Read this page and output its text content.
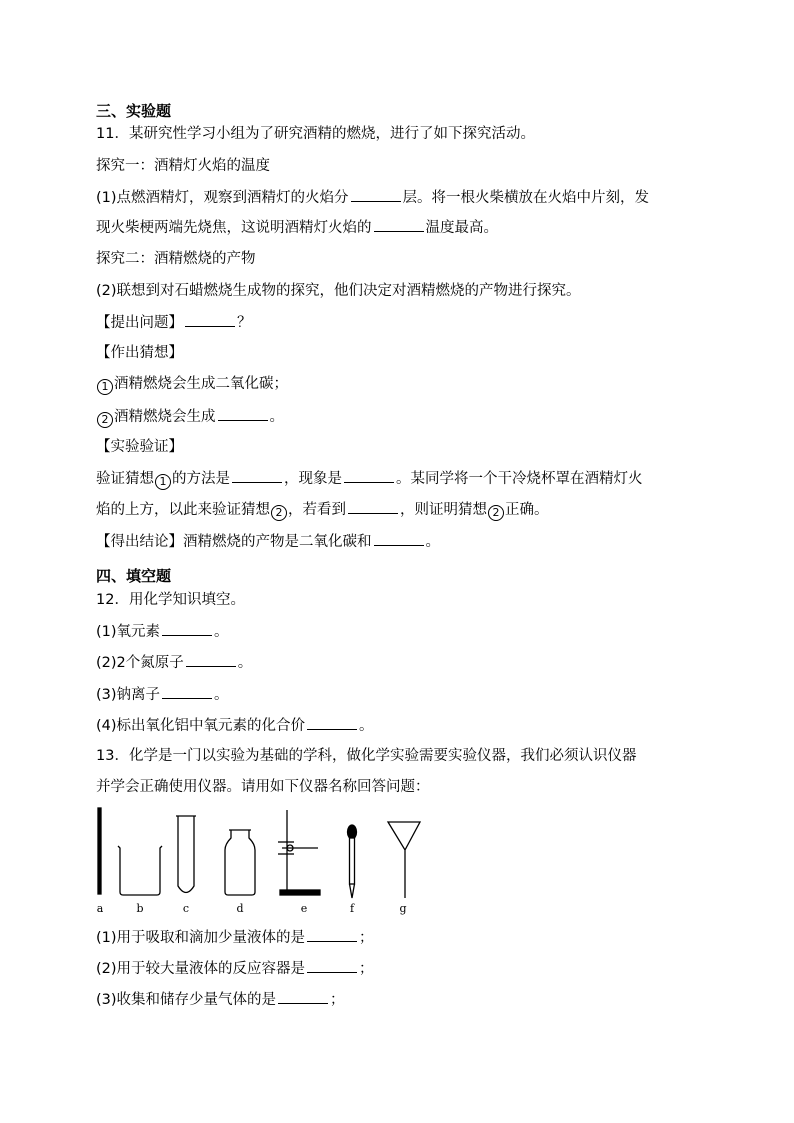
三、实验题
11．某研究性学习小组为了研究酒精的燃烧，进行了如下探究活动。
探究一：酒精灯火焰的温度
(1)点燃酒精灯，观察到酒精灯的火焰分	层。将一根火柴横放在火焰中片刻，发
现火柴梗两端先烧焦，这说明酒精灯火焰的	温度最高。
探究二：酒精燃烧的产物
(2)联想到对石蜡燃烧生成物的探究，他们决定对酒精燃烧的产物进行探究。
【提出问题】	？
【作出猜想】
1 酒精燃烧会生成二氧化碳；
2 酒精燃烧会生成	。
【实验验证】
验证猜想 1 的方法是	，现象是	。某同学将一个干冷烧杯罩在酒精灯火
焰的上方，以此来验证猜想 2 ，若看到	，则证明猜想 2 正确。
【得出结论】酒精燃烧的产物是二氧化碳和	。
四、填空题
12．用化学知识填空。
(1)氧元素	。
(2)2个氮原子	。
(3)钠离子	。
(4)标出氧化铝中氧元素的化合价	。
13．化学是一门以实验为基础的学科，做化学实验需要实验仪器，我们必须认识仪器
并学会正确使用仪器。请用如下仪器名称回答问题：
a	b	c	d	e	f	g
(1)用于吸取和滴加少量液体的是	；
(2)用于较大量液体的反应容器是	；
(3)收集和储存少量气体的是	；
